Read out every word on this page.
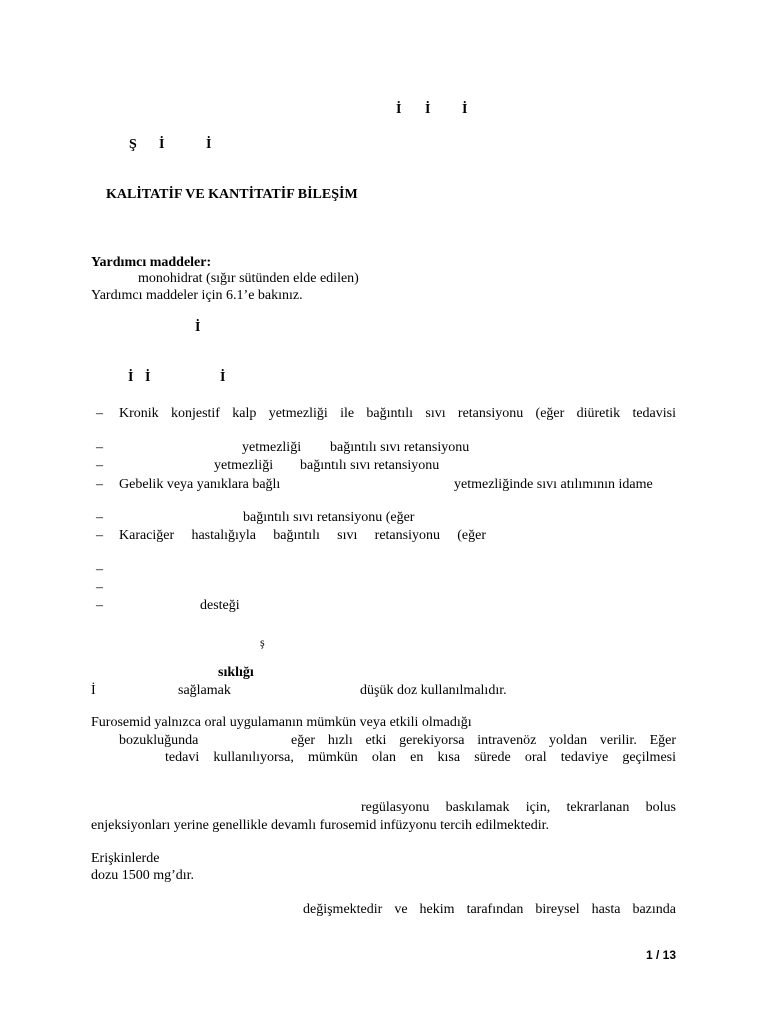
İ İ İ
Ş İ	İ
KALİTATİF VE KANTİTATİF BİLEŞİM
Yardımcı maddeler:
monohidrat (sığır sütünden elde edilen)
Yardımcı maddeler için 6.1’e bakınız.
İ
İ İ	İ
–	Kronik konjestif kalp yetmezliği ile bağıntılı sıvı retansiyonu (eğer diüretik tedavisi
–	yetmezliği bağıntılı sıvı retansiyonu
–	yetmezliği bağıntılı sıvı retansiyonu
–	Gebelik veya yanıklara bağlı	yetmezliğinde sıvı atılımının idame
–	bağıntılı sıvı retansiyonu (eğer
–	Karaciğer hastalığıyla bağıntılı sıvı retansiyonu (eğer
–
–
–	desteği
ş
sıklığı
İ	sağlamak	düşük doz kullanılmalıdır.
Furosemid yalnızca oral uygulamanın mümkün veya etkili olmadığı
bozukluğunda	eğer hızlı etki gerekiyorsa intravenöz yoldan verilir. Eğer
tedavi kullanılıyorsa, mümkün olan en kısa sürede oral tedaviye geçilmesi
regülasyonu baskılamak için, tekrarlanan bolus
enjeksiyonları yerine genellikle devamlı furosemid infüzyonu tercih edilmektedir.
Erişkinlerde
dozu 1500 mg’dır.
değişmektedir ve hekim tarafından bireysel hasta bazında
1 / 13
